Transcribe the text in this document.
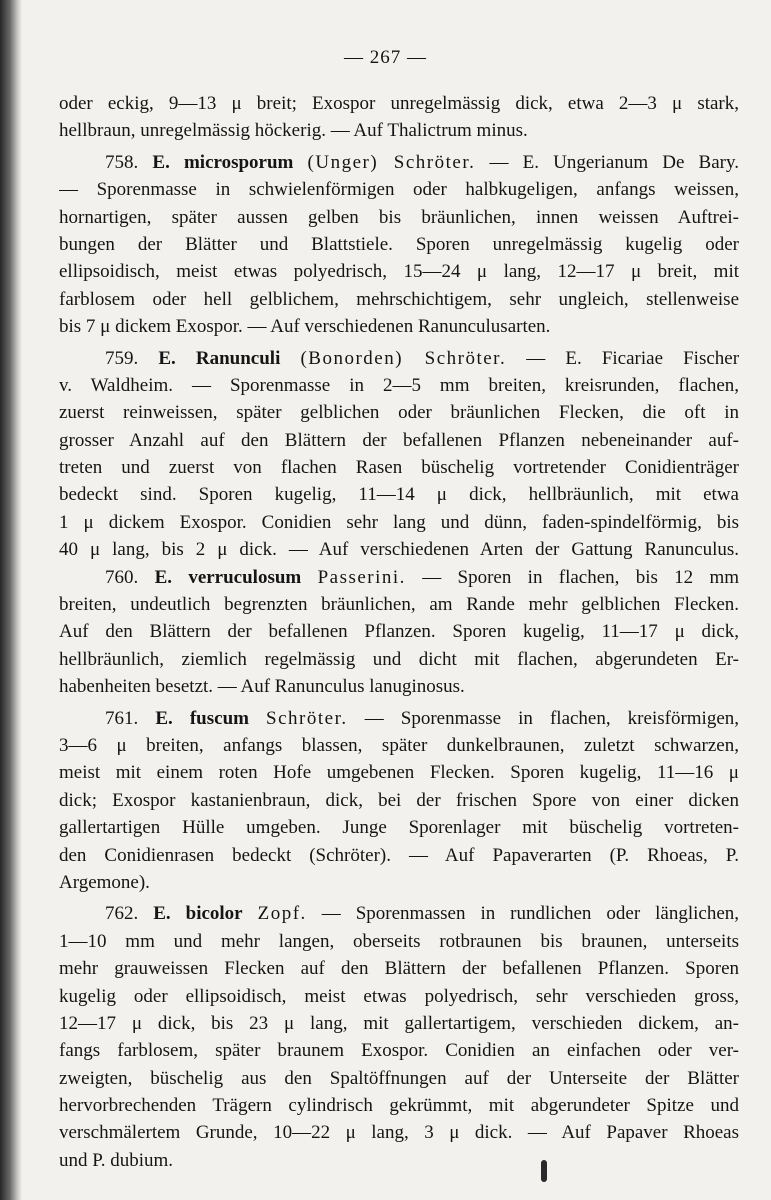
— 267 —
oder eckig, 9—13 μ breit; Exospor unregelmässig dick, etwa 2—3 μ stark,
hellbraun, unregelmässig höckerig. — Auf Thalictrum minus.
758. E. microsporum (Unger) Schröter. — E. Ungerianum De Bary.
— Sporenmasse in schwielenförmigen oder halbkugeligen, anfangs weissen,
hornartigen, später aussen gelben bis bräunlichen, innen weissen Auftrei-
bungen der Blätter und Blattstiele. Sporen unregelmässig kugelig oder
ellipsoidisch, meist etwas polyedrisch, 15—24 μ lang, 12—17 μ breit, mit
farblosem oder hell gelblichem, mehrschichtigem, sehr ungleich, stellenweise
bis 7 μ dickem Exospor. — Auf verschiedenen Ranunculusarten.
759. E. Ranunculi (Bonorden) Schröter. — E. Ficariae Fischer
v. Waldheim. — Sporenmasse in 2—5 mm breiten, kreisrunden, flachen,
zuerst reinweissen, später gelblichen oder bräunlichen Flecken, die oft in
grosser Anzahl auf den Blättern der befallenen Pflanzen nebeneinander auf-
treten und zuerst von flachen Rasen büschelig vortretender Conidienträger
bedeckt sind. Sporen kugelig, 11—14 μ dick, hellbräunlich, mit etwa
1 μ dickem Exospor. Conidien sehr lang und dünn, faden-spindelförmig, bis
40 μ lang, bis 2 μ dick. — Auf verschiedenen Arten der Gattung Ranunculus.
760. E. verruculosum Passerini. — Sporen in flachen, bis 12 mm
breiten, undeutlich begrenzten bräunlichen, am Rande mehr gelblichen Flecken.
Auf den Blättern der befallenen Pflanzen. Sporen kugelig, 11—17 μ dick,
hellbräunlich, ziemlich regelmässig und dicht mit flachen, abgerundeten Er-
habenheiten besetzt. — Auf Ranunculus lanuginosus.
761. E. fuscum Schröter. — Sporenmasse in flachen, kreisförmigen,
3—6 μ breiten, anfangs blassen, später dunkelbraunen, zuletzt schwarzen,
meist mit einem roten Hofe umgebenen Flecken. Sporen kugelig, 11—16 μ
dick; Exospor kastanienbraun, dick, bei der frischen Spore von einer dicken
gallertartigen Hülle umgeben. Junge Sporenlager mit büschelig vortreten-
den Conidienrasen bedeckt (Schröter). — Auf Papaverarten (P. Rhoeas, P.
Argemone).
762. E. bicolor Zopf. — Sporenmassen in rundlichen oder länglichen,
1—10 mm und mehr langen, oberseits rotbraunen bis braunen, unterseits
mehr grauweissen Flecken auf den Blättern der befallenen Pflanzen. Sporen
kugelig oder ellipsoidisch, meist etwas polyedrisch, sehr verschieden gross,
12—17 μ dick, bis 23 μ lang, mit gallertartigem, verschieden dickem, an-
fangs farblosem, später braunem Exospor. Conidien an einfachen oder ver-
zweigten, büschelig aus den Spaltöffnungen auf der Unterseite der Blätter
hervorbrechenden Trägern cylindrisch gekrümmt, mit abgerundeter Spitze und
verschmälertem Grunde, 10—22 μ lang, 3 μ dick. — Auf Papaver Rhoeas
und P. dubium.
